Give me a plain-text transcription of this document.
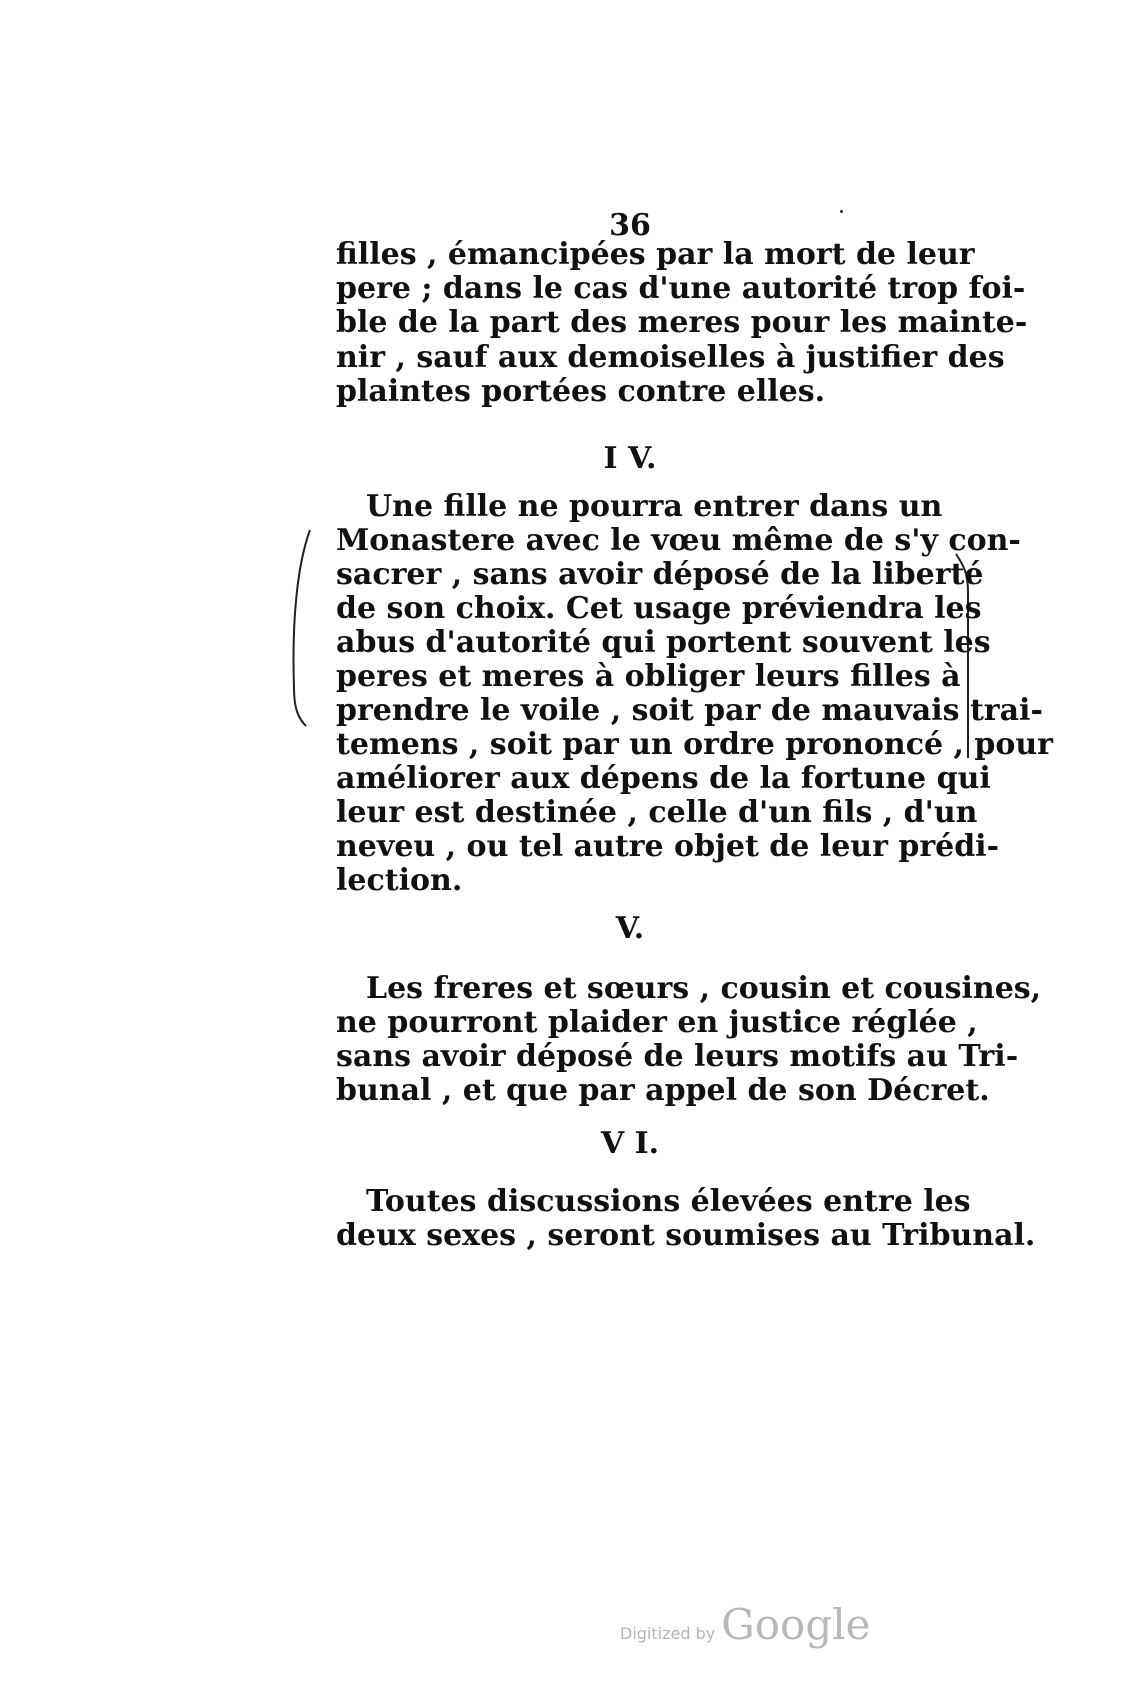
36
filles , émancipées par la mort de leur
pere ; dans le cas d'une autorité trop foi-
ble de la part des meres pour les mainte-
nir , sauf aux demoiselles à justifier des
plaintes portées contre elles.
I V.
Une fille ne pourra entrer dans un
Monastere avec le vœu même de s'y con-
sacrer , sans avoir déposé de la liberté
de son choix. Cet usage préviendra les
abus d'autorité qui portent souvent les
peres et meres à obliger leurs filles à
prendre le voile , soit par de mauvais trai-
temens , soit par un ordre prononcé , pour
améliorer aux dépens de la fortune qui
leur est destinée , celle d'un fils , d'un
neveu , ou tel autre objet de leur prédi-
lection.
V.
Les freres et sœurs , cousin et cousines,
ne pourront plaider en justice réglée ,
sans avoir déposé de leurs motifs au Tri-
bunal , et que par appel de son Décret.
V I.
Toutes discussions élevées entre les
deux sexes , seront soumises au Tribunal.
Digitized by Google
